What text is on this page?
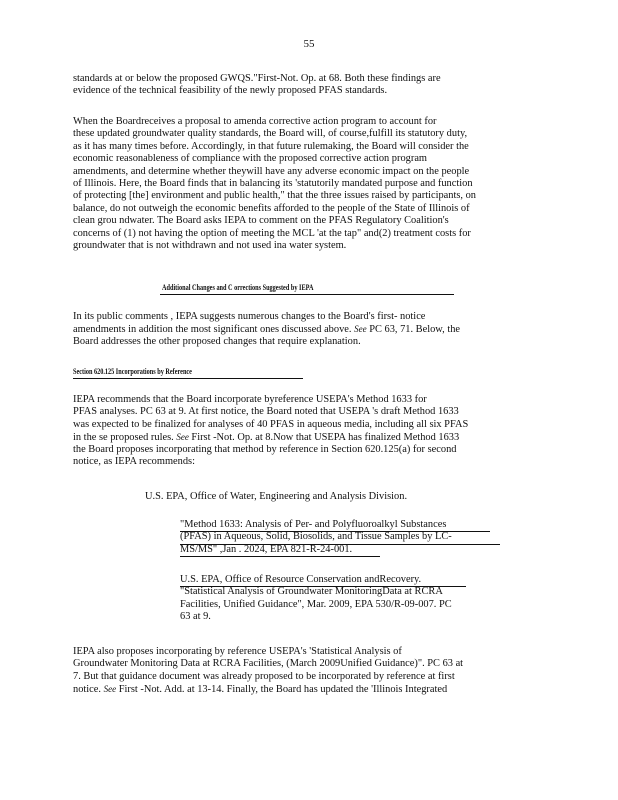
55
standards at or below the proposed GWQS."First-Not. Op. at 68. Both these findings are
evidence of the technical feasibility of the newly proposed PFAS standards.
When the Boardreceives a proposal to amenda corrective action program to account for
these updated groundwater quality standards, the Board will, of course,fulfill its statutory duty,
as it has many times before. Accordingly, in that future rulemaking, the Board will consider the
economic reasonableness of compliance with the proposed corrective action program
amendments, and determine whether theywill have any adverse economic impact on the people
of Illinois. Here, the Board finds that in balancing its 'statutorily mandated purpose and function
of protecting [the] environment and public health," that the three issues raised by participants, on
balance, do not outweigh the economic benefits afforded to the people of the State of Illinois of
clean grou ndwater. The Board asks IEPA to comment on the PFAS Regulatory Coalition's
concerns of (1) not having the option of meeting the MCL 'at the tap" and(2) treatment costs for
groundwater that is not withdrawn and not used ina water system.
Additional Changes and C orrections Suggested by IEPA
In its public comments , IEPA suggests numerous changes to the Board's first- notice
amendments in addition the most significant ones discussed above. See PC 63, 71. Below, the
Board addresses the other proposed changes that require explanation.
Section 620.125 Incorporations by Reference
IEPA recommends that the Board incorporate byreference USEPA's Method 1633 for
PFAS analyses. PC 63 at 9. At first notice, the Board noted that USEPA 's draft Method 1633
was expected to be finalized for analyses of 40 PFAS in aqueous media, including all six PFAS
in the se proposed rules. See First -Not. Op. at 8.Now that USEPA has finalized Method 1633
the Board proposes incorporating that method by reference in Section 620.125(a) for second
notice, as IEPA recommends:
U.S. EPA, Office of Water, Engineering and Analysis Division.
"Method 1633: Analysis of Per- and Polyfluoroalkyl Substances
(PFAS) in Aqueous, Solid, Biosolids, and Tissue Samples by LC-
MS/MS" ,Jan . 2024, EPA 821-R-24-001.
U.S. EPA, Office of Resource Conservation andRecovery.
"Statistical Analysis of Groundwater MonitoringData at RCRA
Facilities, Unified Guidance", Mar. 2009, EPA 530/R-09-007. PC
63 at 9.
IEPA also proposes incorporating by reference USEPA's 'Statistical Analysis of
Groundwater Monitoring Data at RCRA Facilities, (March 2009Unified Guidance)". PC 63 at
7. But that guidance document was already proposed to be incorporated by reference at first
notice. See First -Not. Add. at 13-14. Finally, the Board has updated the 'Illinois Integrated
